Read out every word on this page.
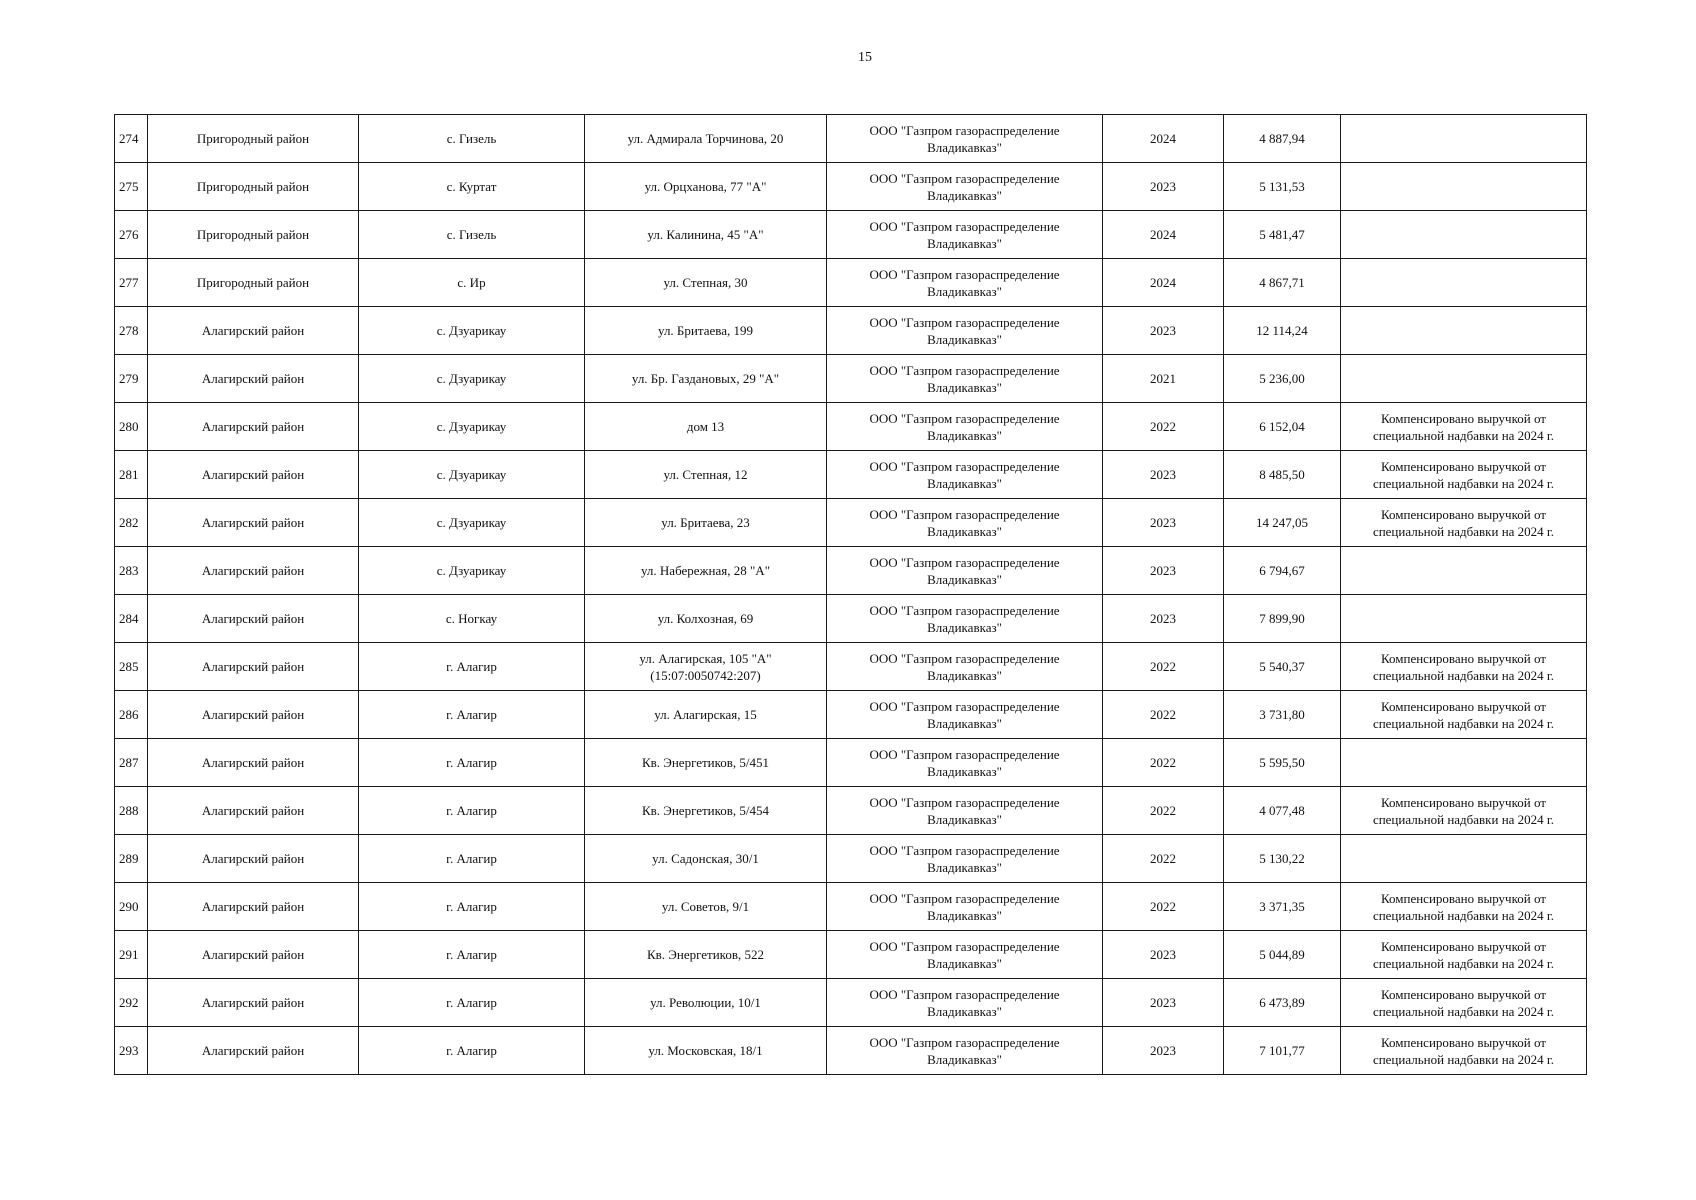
15
274	Пригородный район	с. Гизель	ул. Адмирала Торчинова, 20	ООО "Газпром газораспределение
Владикавказ"	2024	4 887,94	

275	Пригородный район	с. Куртат	ул. Орцханова, 77 "А"	ООО "Газпром газораспределение
Владикавказ"	2023	5 131,53	

276	Пригородный район	с. Гизель	ул. Калинина, 45 "А"	ООО "Газпром газораспределение
Владикавказ"	2024	5 481,47	

277	Пригородный район	с. Ир	ул. Степная, 30	ООО "Газпром газораспределение
Владикавказ"	2024	4 867,71	

278	Алагирский район	с. Дзуарикау	ул. Бритаева, 199	ООО "Газпром газораспределение
Владикавказ"	2023	12 114,24	

279	Алагирский район	с. Дзуарикау	ул. Бр. Газдановых, 29 "А"	ООО "Газпром газораспределение
Владикавказ"	2021	5 236,00	

280	Алагирский район	с. Дзуарикау	дом 13	ООО "Газпром газораспределение
Владикавказ"	2022	6 152,04	Компенсировано выручкой от
специальной надбавки на 2024 г.

281	Алагирский район	с. Дзуарикау	ул. Степная, 12	ООО "Газпром газораспределение
Владикавказ"	2023	8 485,50	Компенсировано выручкой от
специальной надбавки на 2024 г.

282	Алагирский район	с. Дзуарикау	ул. Бритаева, 23	ООО "Газпром газораспределение
Владикавказ"	2023	14 247,05	Компенсировано выручкой от
специальной надбавки на 2024 г.

283	Алагирский район	с. Дзуарикау	ул. Набережная, 28 "А"	ООО "Газпром газораспределение
Владикавказ"	2023	6 794,67	

284	Алагирский район	с. Ногкау	ул. Колхозная, 69	ООО "Газпром газораспределение
Владикавказ"	2023	7 899,90	

285	Алагирский район	г. Алагир	ул. Алагирская, 105 "А" (15:07:0050742:207)	ООО "Газпром газораспределение
Владикавказ"	2022	5 540,37	Компенсировано выручкой от
специальной надбавки на 2024 г.

286	Алагирский район	г. Алагир	ул. Алагирская, 15	ООО "Газпром газораспределение
Владикавказ"	2022	3 731,80	Компенсировано выручкой от
специальной надбавки на 2024 г.

287	Алагирский район	г. Алагир	Кв. Энергетиков, 5/451	ООО "Газпром газораспределение
Владикавказ"	2022	5 595,50	

288	Алагирский район	г. Алагир	Кв. Энергетиков, 5/454	ООО "Газпром газораспределение
Владикавказ"	2022	4 077,48	Компенсировано выручкой от
специальной надбавки на 2024 г.

289	Алагирский район	г. Алагир	ул. Садонская, 30/1	ООО "Газпром газораспределение
Владикавказ"	2022	5 130,22	

290	Алагирский район	г. Алагир	ул. Советов, 9/1	ООО "Газпром газораспределение
Владикавказ"	2022	3 371,35	Компенсировано выручкой от
специальной надбавки на 2024 г.

291	Алагирский район	г. Алагир	Кв. Энергетиков, 522	ООО "Газпром газораспределение
Владикавказ"	2023	5 044,89	Компенсировано выручкой от
специальной надбавки на 2024 г.

292	Алагирский район	г. Алагир	ул. Революции, 10/1	ООО "Газпром газораспределение
Владикавказ"	2023	6 473,89	Компенсировано выручкой от
специальной надбавки на 2024 г.

293	Алагирский район	г. Алагир	ул. Московская, 18/1	ООО "Газпром газораспределение
Владикавказ"	2023	7 101,77	Компенсировано выручкой от
специальной надбавки на 2024 г.
